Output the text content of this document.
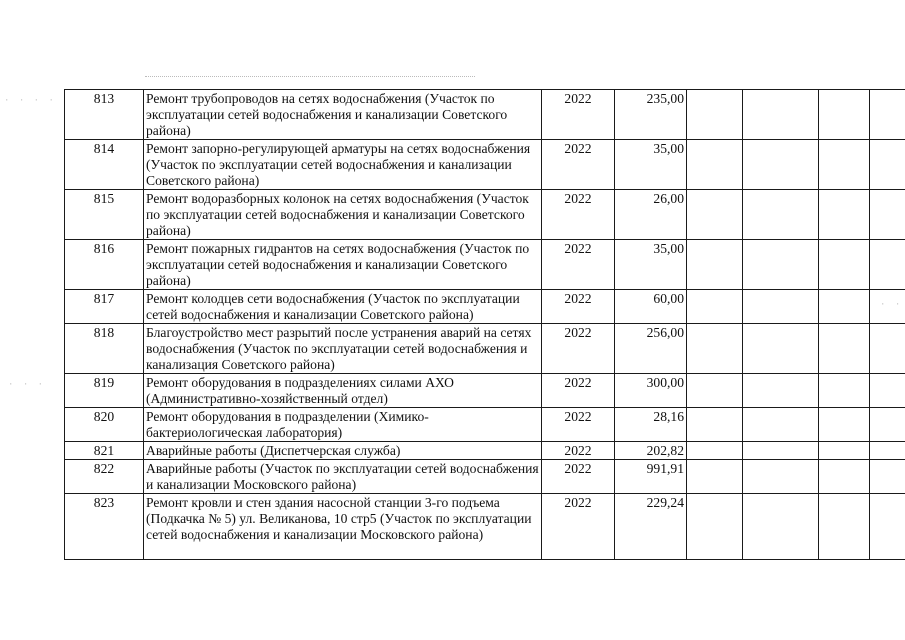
· · · ·
· · ·
· ·
813	Ремонт трубопроводов на сетях водоснабжения (Участок по эксплуатации сетей водоснабжения и канализации Советского района)	2022	235,00				
814	Ремонт запорно-регулирующей арматуры на сетях водоснабжения (Участок по эксплуатации сетей водоснабжения и канализации Советского района)	2022	35,00				
815	Ремонт водоразборных колонок на сетях водоснабжения (Участок по эксплуатации сетей водоснабжения и канализации Советского района)	2022	26,00				
816	Ремонт пожарных гидрантов на сетях водоснабжения (Участок по эксплуатации сетей водоснабжения и канализации Советского района)	2022	35,00				
817	Ремонт колодцев сети водоснабжения (Участок по эксплуатации сетей водоснабжения и канализации Советского района)	2022	60,00				
818	Благоустройство мест разрытий после устранения аварий на сетях водоснабжения (Участок по эксплуатации сетей водоснабжения и канализация Советского района)	2022	256,00				
819	Ремонт оборудования в подразделениях силами АХО (Административно-хозяйственный отдел)	2022	300,00				
820	Ремонт оборудования в подразделении (Химико-бактериологическая лаборатория)	2022	28,16				
821	Аварийные работы (Диспетчерская служба)	2022	202,82				
822	Аварийные работы (Участок по эксплуатации сетей водоснабжения и канализации Московского района)	2022	991,91				
823	Ремонт кровли и стен здания насосной станции 3-го подъема (Подкачка № 5) ул. Великанова, 10 стр5 (Участок по эксплуатации сетей водоснабжения и канализации Московского района)	2022	229,24				
